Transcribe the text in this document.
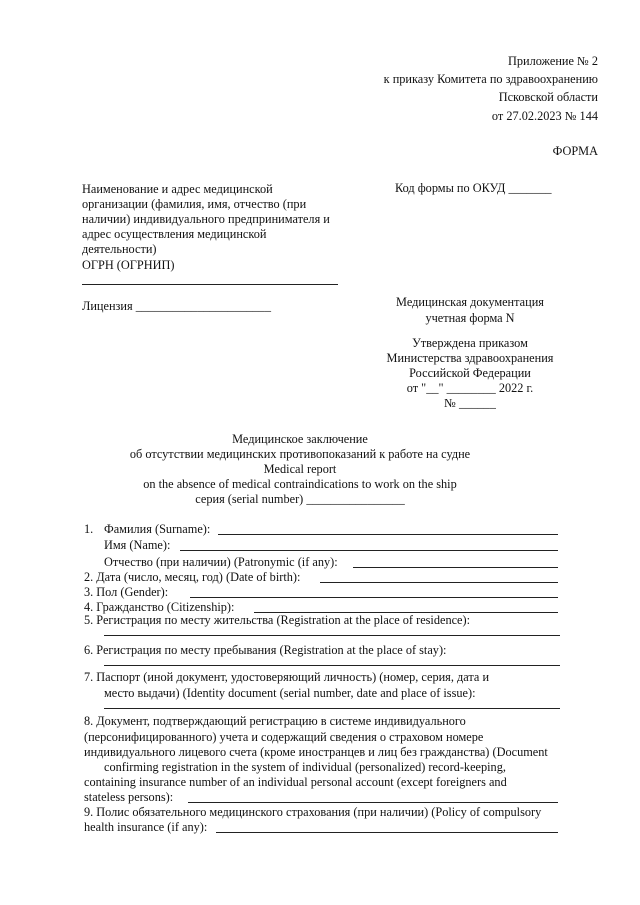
Приложение № 2
к приказу Комитета по здравоохранению
Псковской области
от 27.02.2023 № 144
ФОРМА
Наименование и адрес медицинской
организации (фамилия, имя, отчество (при
наличии) индивидуального предпринимателя и
адрес осуществления медицинской
деятельности)
ОГРН (ОГРНИП)
Код формы по ОКУД _______
Лицензия ______________________	Медицинская документация
учетная форма N
Утверждена приказом
Министерства здравоохранения
Российской Федерации
от "__" ________ 2022 г.
№ ______
Медицинское заключение
об отсутствии медицинских противопоказаний к работе на судне
Medical report
on the absence of medical contraindications to work on the ship
серия (serial number) ________________
1. Фамилия (Surname):
Имя (Name):
Отчество (при наличии) (Patronymic (if any):
2. Дата (число, месяц, год) (Date of birth):
3. Пол (Gender):
4. Гражданство (Citizenship):
5. Регистрация по месту жительства (Registration at the place of residence):
6. Регистрация по месту пребывания (Registration at the place of stay):
7. Паспорт (иной документ, удостоверяющий личность) (номер, серия, дата и
место выдачи) (Identity document (serial number, date and place of issue):
8. Документ, подтверждающий регистрацию в системе индивидуального
(персонифицированного) учета и содержащий сведения о страховом номере
индивидуального лицевого счета (кроме иностранцев и лиц без гражданства) (Document
confirming registration in the system of individual (personalized) record-keeping,
containing insurance number of an individual personal account (except foreigners and
stateless persons):
9. Полис обязательного медицинского страхования (при наличии) (Policy of compulsory
health insurance (if any):
